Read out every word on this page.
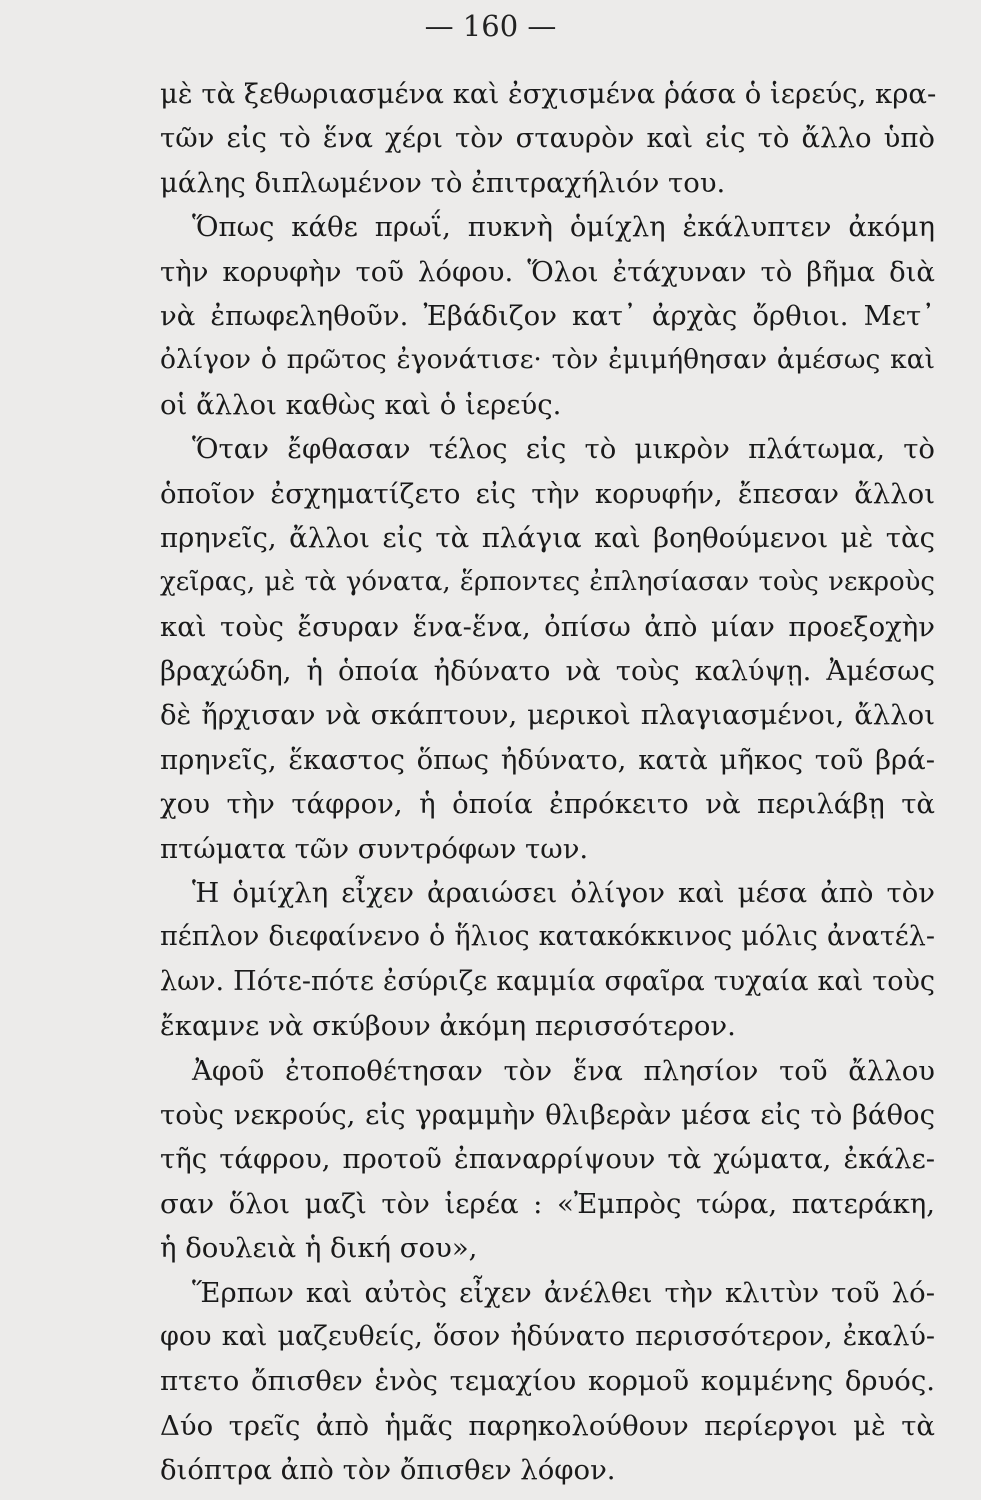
— 160 —
μὲ τὰ ξεθωριασμένα καὶ ἐσχισμένα ῥάσα ὁ ἱερεύς, κρα-
τῶν εἰς τὸ ἕνα χέρι τὸν σταυρὸν καὶ εἰς τὸ ἄλλο ὑπὸ
μάλης διπλωμένον τὸ ἐπιτραχήλιόν του.
Ὅπως κάθε πρωΐ, πυκνὴ ὁμίχλη ἐκάλυπτεν ἀκόμη
τὴν κορυφὴν τοῦ λόφου. Ὅλοι ἐτάχυναν τὸ βῆμα διὰ
νὰ ἐπωφεληθοῦν. Ἐβάδιζον κατ᾽ ἀρχὰς ὄρθιοι. Μετ᾽
ὀλίγον ὁ πρῶτος ἐγονάτισε· τὸν ἐμιμήθησαν ἀμέσως καὶ
οἱ ἄλλοι καθὼς καὶ ὁ ἱερεύς.
Ὅταν ἔφθασαν τέλος εἰς τὸ μικρὸν πλάτωμα, τὸ
ὁποῖον ἐσχηματίζετο εἰς τὴν κορυφήν, ἔπεσαν ἄλλοι
πρηνεῖς, ἄλλοι εἰς τὰ πλάγια καὶ βοηθούμενοι μὲ τὰς
χεῖρας, μὲ τὰ γόνατα, ἕρποντες ἐπλησίασαν τοὺς νεκροὺς
καὶ τοὺς ἔσυραν ἕνα-ἕνα, ὀπίσω ἀπὸ μίαν προεξοχὴν
βραχώδη, ἡ ὁποία ἠδύνατο νὰ τοὺς καλύψῃ. Ἀμέσως
δὲ ἤρχισαν νὰ σκάπτουν, μερικοὶ πλαγιασμένοι, ἄλλοι
πρηνεῖς, ἕκαστος ὅπως ἠδύνατο, κατὰ μῆκος τοῦ βρά-
χου τὴν τάφρον, ἡ ὁποία ἐπρόκειτο νὰ περιλάβῃ τὰ
πτώματα τῶν συντρόφων των.
Ἡ ὁμίχλη εἶχεν ἀραιώσει ὀλίγον καὶ μέσα ἀπὸ τὸν
πέπλον διεφαίνενο ὁ ἥλιος κατακόκκινος μόλις ἀνατέλ-
λων. Πότε-πότε ἐσύριζε καμμία σφαῖρα τυχαία καὶ τοὺς
ἔκαμνε νὰ σκύβουν ἀκόμη περισσότερον.
Ἀφοῦ ἐτοποθέτησαν τὸν ἕνα πλησίον τοῦ ἄλλου
τοὺς νεκρούς, εἰς γραμμὴν θλιβερὰν μέσα εἰς τὸ βάθος
τῆς τάφρου, προτοῦ ἐπαναρρίψουν τὰ χώματα, ἐκάλε-
σαν ὅλοι μαζὶ τὸν ἱερέα : «Ἐμπρὸς τώρα, πατεράκη,
ἡ δουλειὰ ἡ δική σου»,
Ἕρπων καὶ αὐτὸς εἶχεν ἀνέλθει τὴν κλιτὺν τοῦ λό-
φου καὶ μαζευθείς, ὅσον ἠδύνατο περισσότερον, ἐκαλύ-
πτετο ὄπισθεν ἑνὸς τεμαχίου κορμοῦ κομμένης δρυός.
Δύο τρεῖς ἀπὸ ἡμᾶς παρηκολούθουν περίεργοι μὲ τὰ
διόπτρα ἀπὸ τὸν ὄπισθεν λόφον.
